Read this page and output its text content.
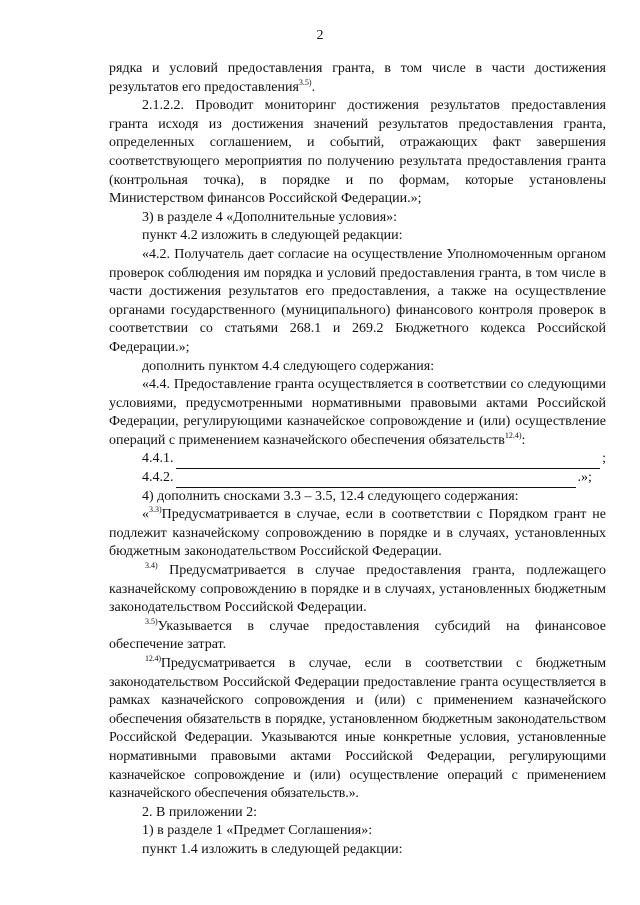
2

рядка и условий предоставления гранта, в том числе в части достижения результатов его предоставления$^{3.5)}$.

2.1.2.2. Проводит мониторинг достижения результатов предоставления гранта исходя из достижения значений результатов предоставления гранта, определенных соглашением, и событий, отражающих факт завершения соответствующего мероприятия по получению результата предоставления гранта (контрольная точка), в порядке и по формам, которые установлены Министерством финансов Российской Федерации.»;

3) в разделе 4 «Дополнительные условия»:

пункт 4.2 изложить в следующей редакции:

«4.2. Получатель дает согласие на осуществление Уполномоченным органом проверок соблюдения им порядка и условий предоставления гранта, в том числе в части достижения результатов его предоставления, а также на осуществление органами государственного (муниципального) финансового контроля проверок в соответствии со статьями 268.1 и 269.2 Бюджетного кодекса Российской Федерации.»;

дополнить пунктом 4.4 следующего содержания:

«4.4. Предоставление гранта осуществляется в соответствии со следующими условиями, предусмотренными нормативными правовыми актами Российской Федерации, регулирующими казначейское сопровождение и (или) осуществление операций с применением казначейского обеспечения обязательств$^{12.4)}$:

4.4.1.	;
4.4.2.	.»;

4) дополнить сносками 3.3 – 3.5, 12.4 следующего содержания:

«$^{3.3)}$Предусматривается в случае, если в соответствии с Порядком грант не подлежит казначейскому сопровождению в порядке и в случаях, установленных бюджетным законодательством Российской Федерации.

$^{3.4)}$ Предусматривается в случае предоставления гранта, подлежащего казначейскому сопровождению в порядке и в случаях, установленных бюджетным законодательством Российской Федерации.

$^{3.5)}$Указывается в случае предоставления субсидий на финансовое обеспечение затрат.

$^{12.4)}$Предусматривается в случае, если в соответствии с бюджетным законодательством Российской Федерации предоставление гранта осуществляется в рамках казначейского сопровождения и (или) с применением казначейского обеспечения обязательств в порядке, установленном бюджетным законодательством Российской Федерации. Указываются иные конкретные условия, установленные нормативными правовыми актами Российской Федерации, регулирующими казначейское сопровождение и (или) осуществление операций с применением казначейского обеспечения обязательств.».

2. В приложении 2:

1) в разделе 1 «Предмет Соглашения»:

пункт 1.4 изложить в следующей редакции:
